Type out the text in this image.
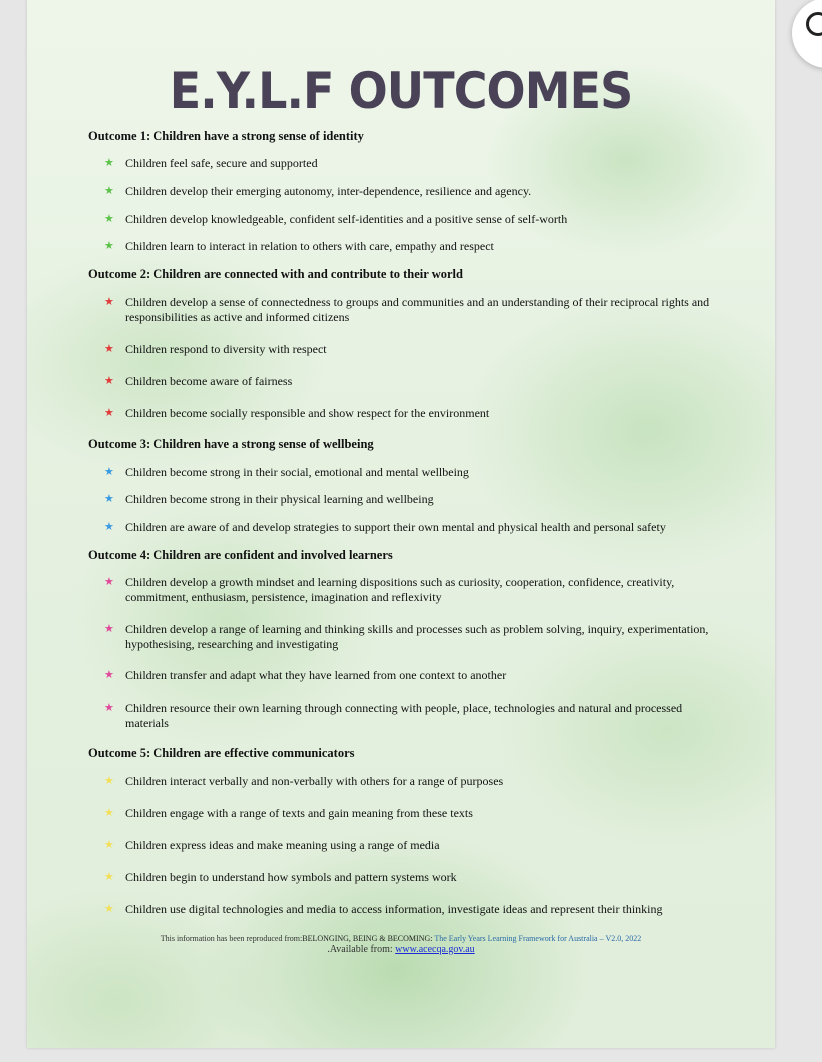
E.Y.L.F OUTCOMES
Outcome 1: Children have a strong sense of identity
★ Children feel safe, secure and supported
★ Children develop their emerging autonomy, inter-dependence, resilience and agency.
★ Children develop knowledgeable, confident self-identities and a positive sense of self-worth
★ Children learn to interact in relation to others with care, empathy and respect
Outcome 2: Children are connected with and contribute to their world
★ Children develop a sense of connectedness to groups and communities and an understanding of their reciprocal rights and responsibilities as active and informed citizens
★ Children respond to diversity with respect
★ Children become aware of fairness
★ Children become socially responsible and show respect for the environment
Outcome 3: Children have a strong sense of wellbeing
★ Children become strong in their social, emotional and mental wellbeing
★ Children become strong in their physical learning and wellbeing
★ Children are aware of and develop strategies to support their own mental and physical health and personal safety
Outcome 4: Children are confident and involved learners
★ Children develop a growth mindset and learning dispositions such as curiosity, cooperation, confidence, creativity, commitment, enthusiasm, persistence, imagination and reflexivity
★ Children develop a range of learning and thinking skills and processes such as problem solving, inquiry, experimentation, hypothesising, researching and investigating
★ Children transfer and adapt what they have learned from one context to another
★ Children resource their own learning through connecting with people, place, technologies and natural and processed materials
Outcome 5: Children are effective communicators
★ Children interact verbally and non-verbally with others for a range of purposes
★ Children engage with a range of texts and gain meaning from these texts
★ Children express ideas and make meaning using a range of media
★ Children begin to understand how symbols and pattern systems work
★ Children use digital technologies and media to access information, investigate ideas and represent their thinking
This information has been reproduced from:BELONGING, BEING & BECOMING: The Early Years Learning Framework for Australia – V2.0, 2022
.Available from: www.acecqa.gov.au
